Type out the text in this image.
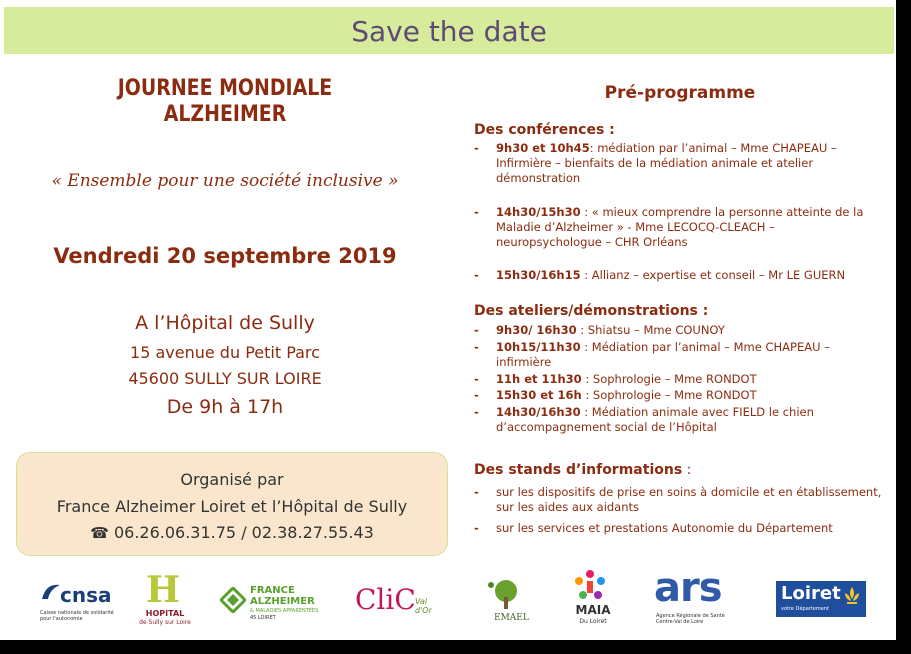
Save the date
JOURNEE MONDIALE
ALZHEIMER
« Ensemble pour une société inclusive »
Vendredi 20 septembre 2019
A l’Hôpital de Sully
15 avenue du Petit Parc
45600 SULLY SUR LOIRE
De 9h à 17h
Organisé par
France Alzheimer Loiret et l’Hôpital de Sully
☎ 06.26.06.31.75 / 02.38.27.55.43
Pré-programme
Des conférences :
- 9h30 et 10h45: médiation par l’animal – Mme CHAPEAU – Infirmière – bienfaits de la médiation animale et atelier démonstration
- 14h30/15h30 : « mieux comprendre la personne atteinte de la Maladie d’Alzheimer » - Mme LECOCQ-CLEACH – neuropsychologue – CHR Orléans
- 15h30/16h15 : Allianz – expertise et conseil – Mr LE GUERN
Des ateliers/démonstrations :
- 9h30/ 16h30 : Shiatsu – Mme COUNOY
- 10h15/11h30 : Médiation par l’animal – Mme CHAPEAU – infirmière
- 11h et 11h30 : Sophrologie – Mme RONDOT
- 15h30 et 16h : Sophrologie – Mme RONDOT
- 14h30/16h30 : Médiation animale avec FIELD le chien d’accompagnement social de l’Hôpital
Des stands d’informations :
- sur les dispositifs de prise en soins à domicile et en établissement, sur les aides aux aidants
- sur les services et prestations Autonomie du Département
cnsa
Caisse nationale de solidarité pour l'autonomie
H
HOPITAL
de Sully sur Loire
FRANCE
ALZHEIMER
& MALADIES APPARENTÉES
45 LOIRET
CliC Val d'Or
EMAEL
MAIA
Du Loiret
ars
Agence Régionale de Santé Centre-Val de Loire
Loiret
votre Département
